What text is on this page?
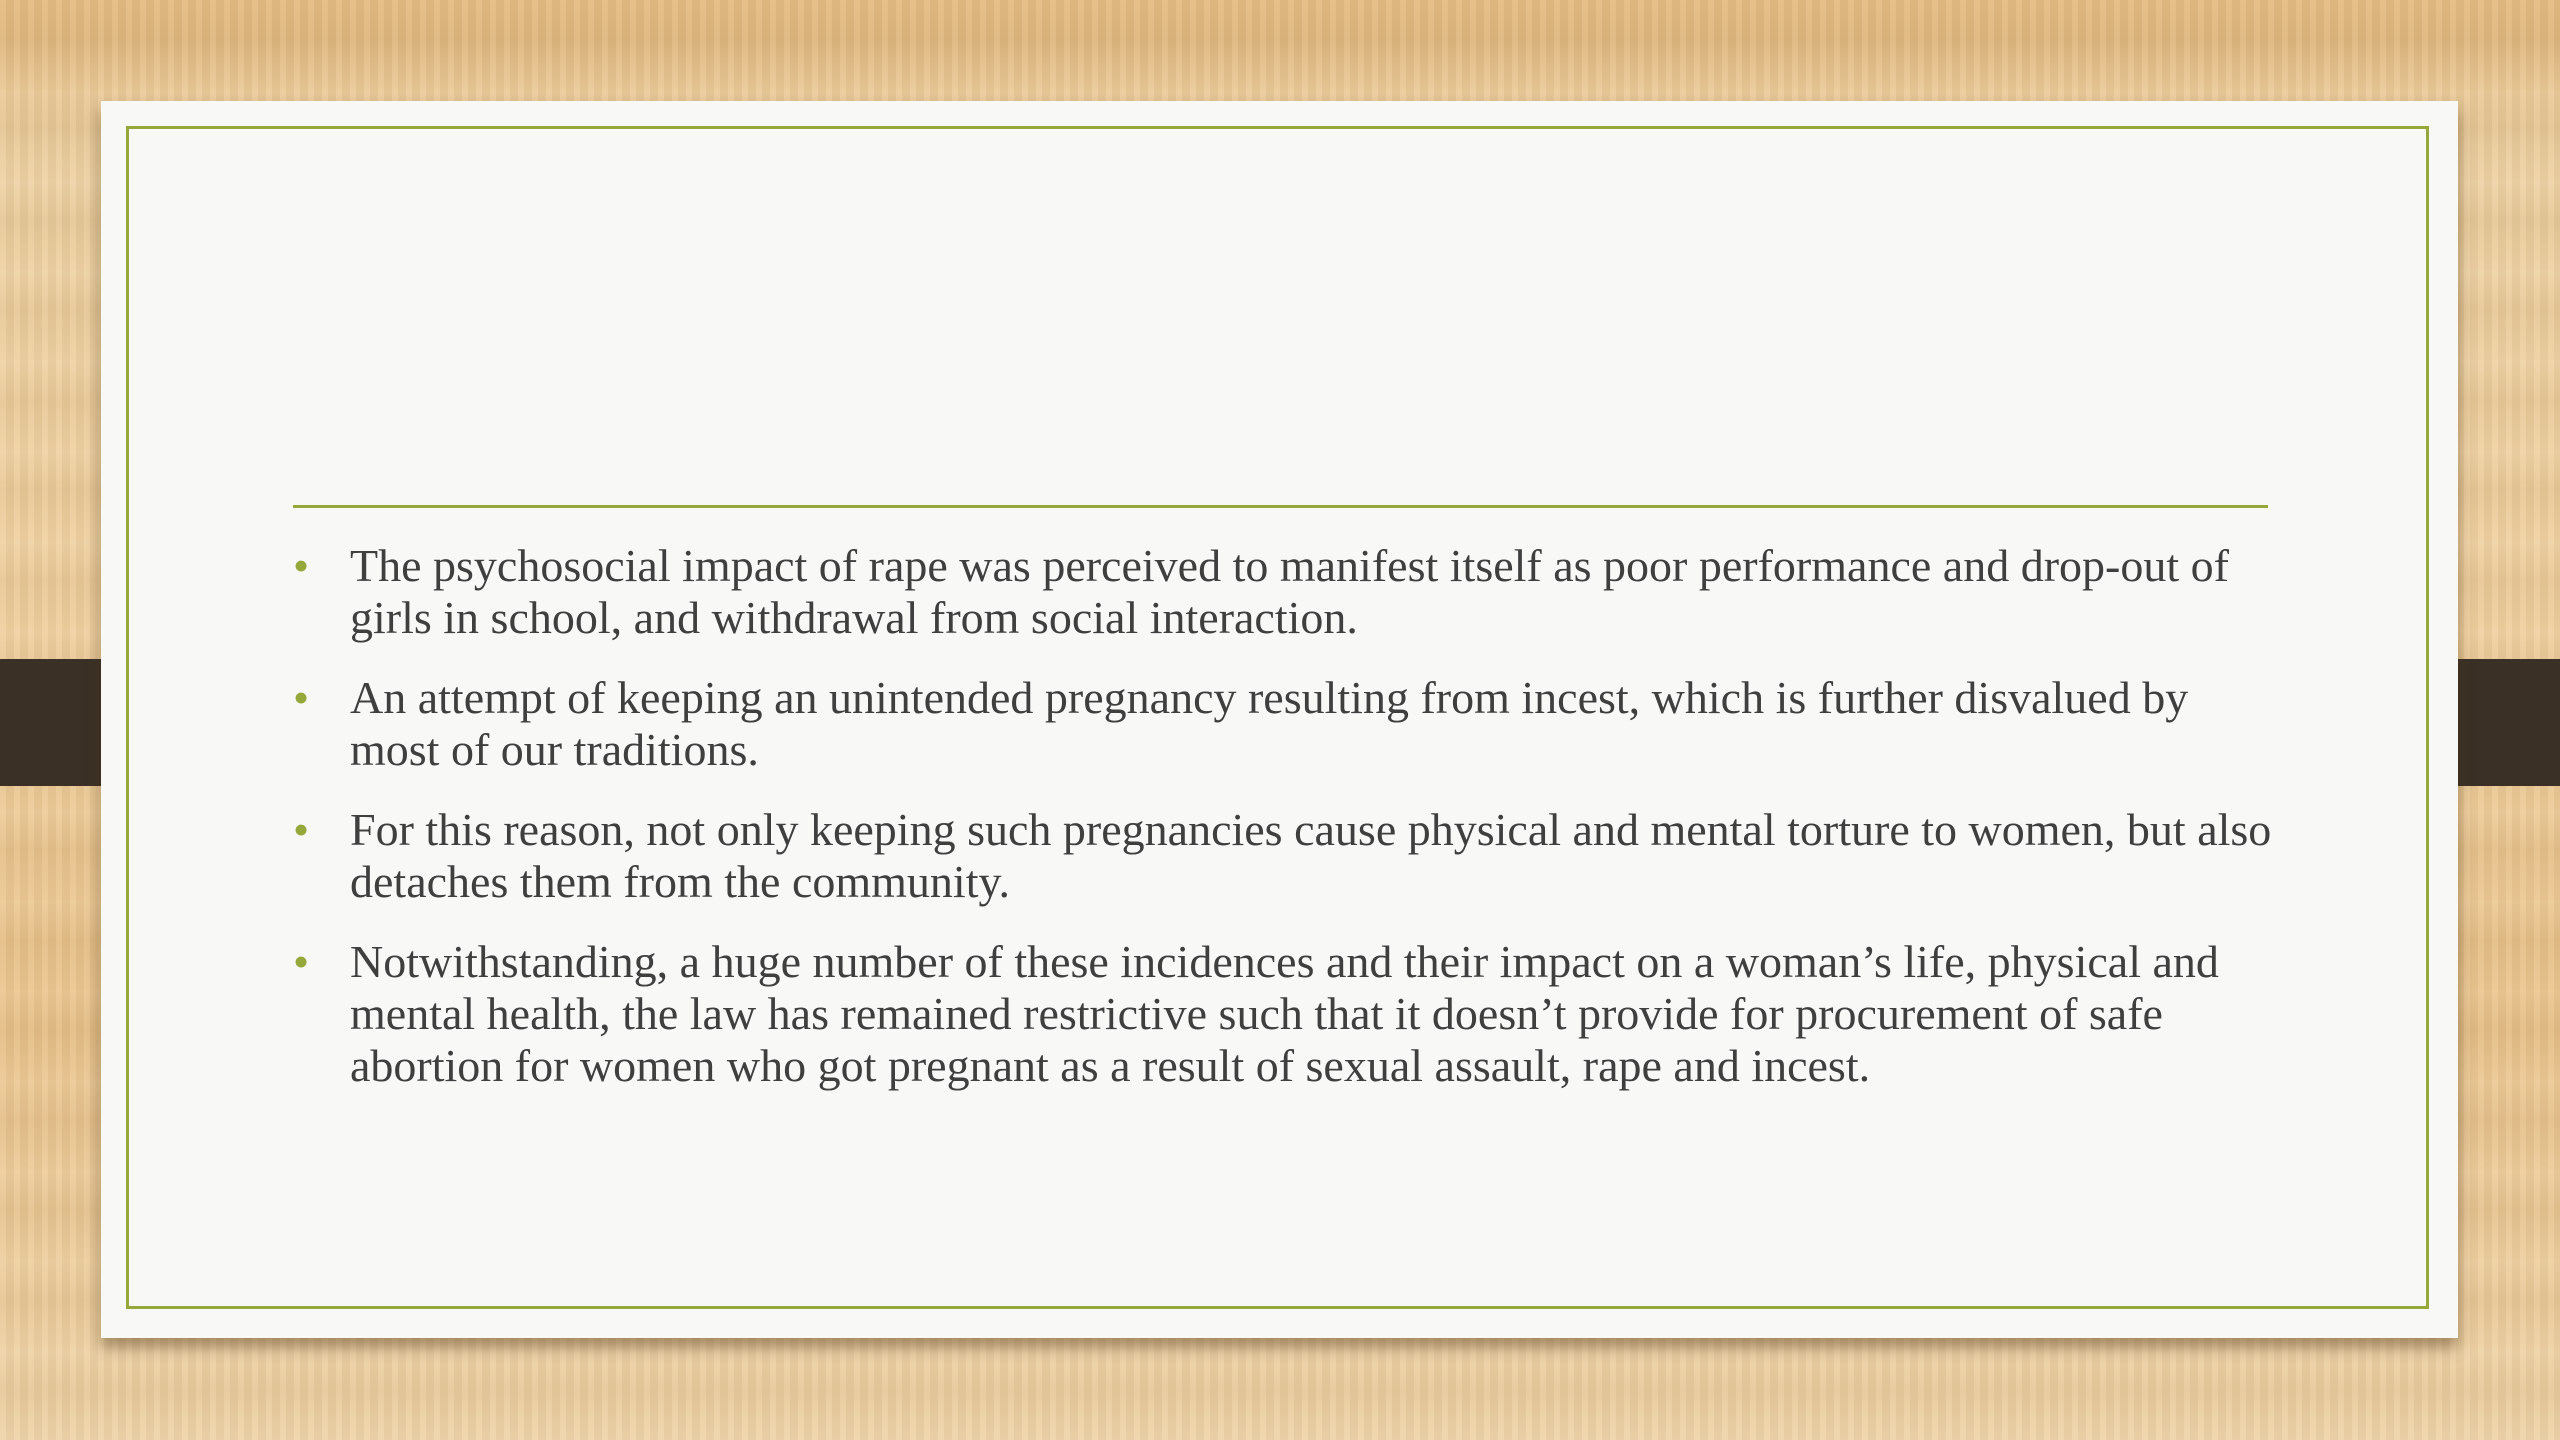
• The psychosocial impact of rape was perceived to manifest itself as poor performance and drop-out of girls in school, and withdrawal from social interaction.
• An attempt of keeping an unintended pregnancy resulting from incest, which is further disvalued by most of our traditions.
• For this reason, not only keeping such pregnancies cause physical and mental torture to women, but also detaches them from the community.
• Notwithstanding, a huge number of these incidences and their impact on a woman’s life, physical and mental health, the law has remained restrictive such that it doesn’t provide for procurement of safe abortion for women who got pregnant as a result of sexual assault, rape and incest.
